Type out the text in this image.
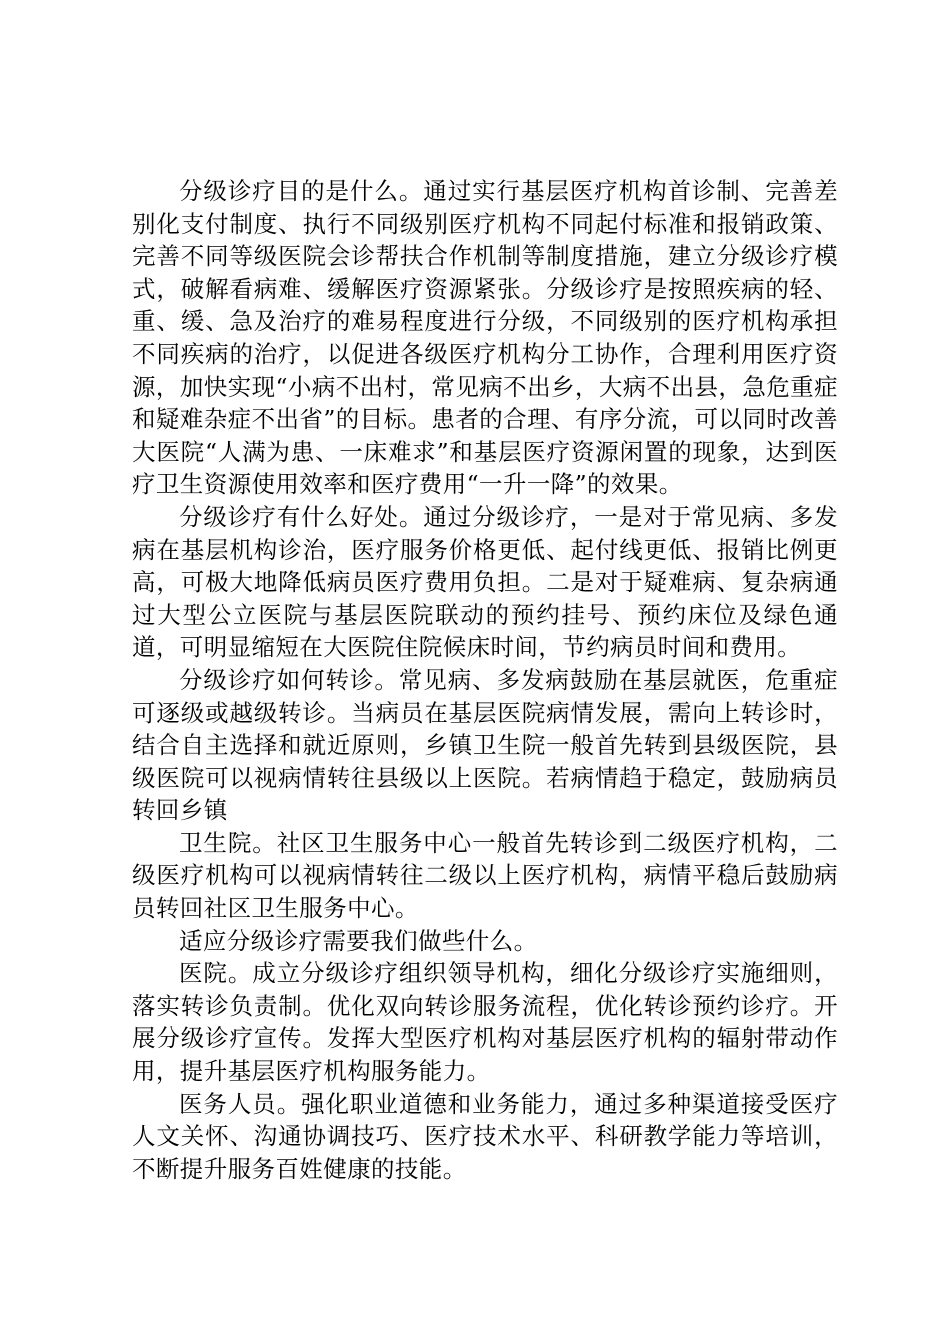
分级诊疗目的是什么。通过实行基层医疗机构首诊制、完善差别化支付制度、执行不同级别医疗机构不同起付标准和报销政策、完善不同等级医院会诊帮扶合作机制等制度措施，建立分级诊疗模式，破解看病难、缓解医疗资源紧张。分级诊疗是按照疾病的轻、重、缓、急及治疗的难易程度进行分级，不同级别的医疗机构承担不同疾病的治疗，以促进各级医疗机构分工协作，合理利用医疗资源，加快实现“小病不出村，常见病不出乡，大病不出县，急危重症和疑难杂症不出省”的目标。患者的合理、有序分流，可以同时改善大医院“人满为患、一床难求”和基层医疗资源闲置的现象，达到医疗卫生资源使用效率和医疗费用“一升一降”的效果。

分级诊疗有什么好处。通过分级诊疗，一是对于常见病、多发病在基层机构诊治，医疗服务价格更低、起付线更低、报销比例更高，可极大地降低病员医疗费用负担。二是对于疑难病、复杂病通过大型公立医院与基层医院联动的预约挂号、预约床位及绿色通道，可明显缩短在大医院住院候床时间，节约病员时间和费用。

分级诊疗如何转诊。常见病、多发病鼓励在基层就医，危重症可逐级或越级转诊。当病员在基层医院病情发展，需向上转诊时，结合自主选择和就近原则，乡镇卫生院一般首先转到县级医院，县级医院可以视病情转往县级以上医院。若病情趋于稳定，鼓励病员转回乡镇

卫生院。社区卫生服务中心一般首先转诊到二级医疗机构，二级医疗机构可以视病情转往二级以上医疗机构，病情平稳后鼓励病员转回社区卫生服务中心。

适应分级诊疗需要我们做些什么。

医院。成立分级诊疗组织领导机构，细化分级诊疗实施细则，落实转诊负责制。优化双向转诊服务流程，优化转诊预约诊疗。开展分级诊疗宣传。发挥大型医疗机构对基层医疗机构的辐射带动作用，提升基层医疗机构服务能力。

医务人员。强化职业道德和业务能力，通过多种渠道接受医疗人文关怀、沟通协调技巧、医疗技术水平、科研教学能力等培训，不断提升服务百姓健康的技能。
